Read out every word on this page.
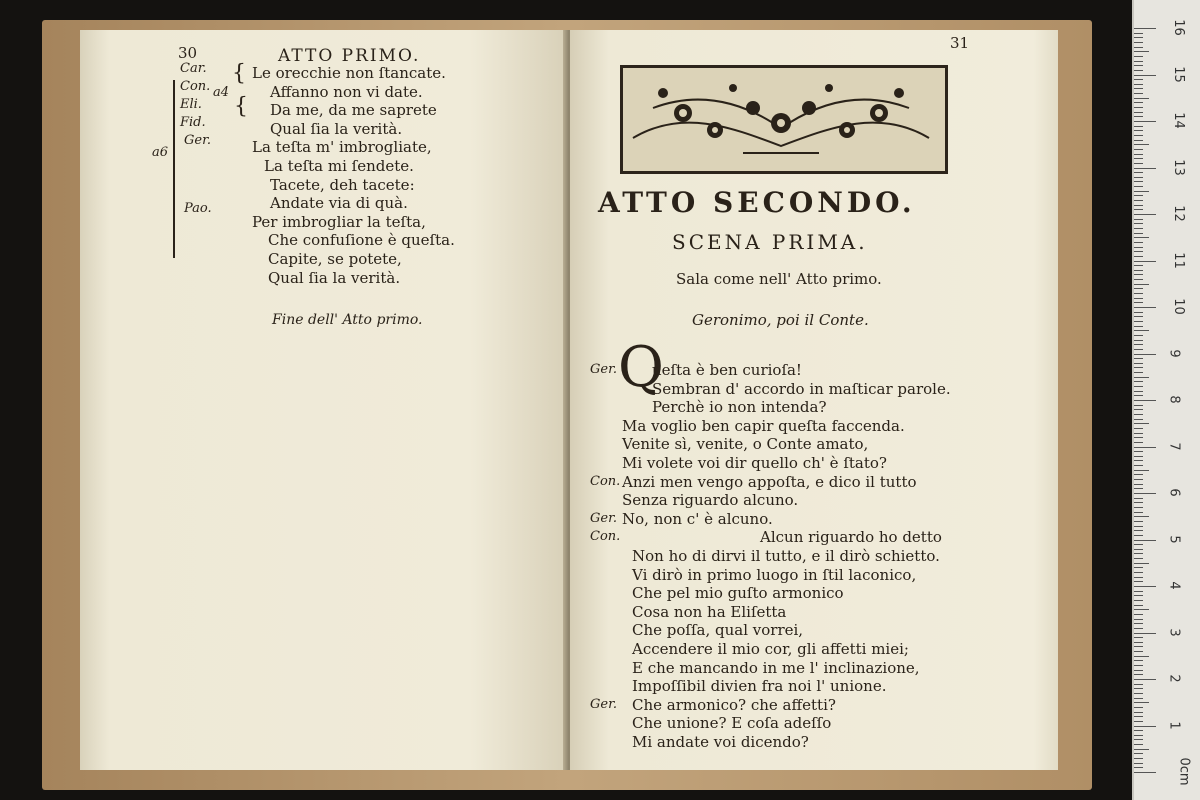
30	ATTO PRIMO.
Car.
Con.
Eli.
Fid.
Ger.
Pao.
a4
a6
{
{
Le orecchie non ſtancate.
Affanno non vi date.
Da me, da me saprete
Qual ſia la verità.
La teſta m' imbrogliate,
La teſta mi ſendete.
Tacete, deh tacete:
Andate via di quà.
Per imbrogliar la teſta,
Che confuſione è queſta.
Capite, se potete,
Qual ſia la verità.
Fine dell' Atto primo.
31
ATTO SECONDO.
SCENA PRIMA.
Sala come nell' Atto primo.
Geronimo, poi il Conte.
Q
Ger. ueſta è ben curioſa!
Sembran d' accordo in maſticar parole.
Perchè io non intenda?
Ma voglio ben capir queſta faccenda.
Venite sì, venite, o Conte amato,
Mi volete voi dir quello ch' è ſtato?
Con. Anzi men vengo appoſta, e dico il tutto
Senza riguardo alcuno.
Ger. No, non c' è alcuno.
Con.	Alcun riguardo ho detto
Non ho di dirvi il tutto, e il dirò schietto.
Vi dirò in primo luogo in ſtil laconico,
Che pel mio guſto armonico
Cosa non ha Eliſetta
Che poſſa, qual vorrei,
Accendere il mio cor, gli affetti miei;
E che mancando in me l' inclinazione,
Impoſſibil divien fra noi l' unione.
Ger. Che armonico? che affetti?
Che unione? E coſa adeſſo
Mi andate voi dicendo?
16
15
14
13
12
11
10
9
8
7
6
5
4
3
2
1
0cm
